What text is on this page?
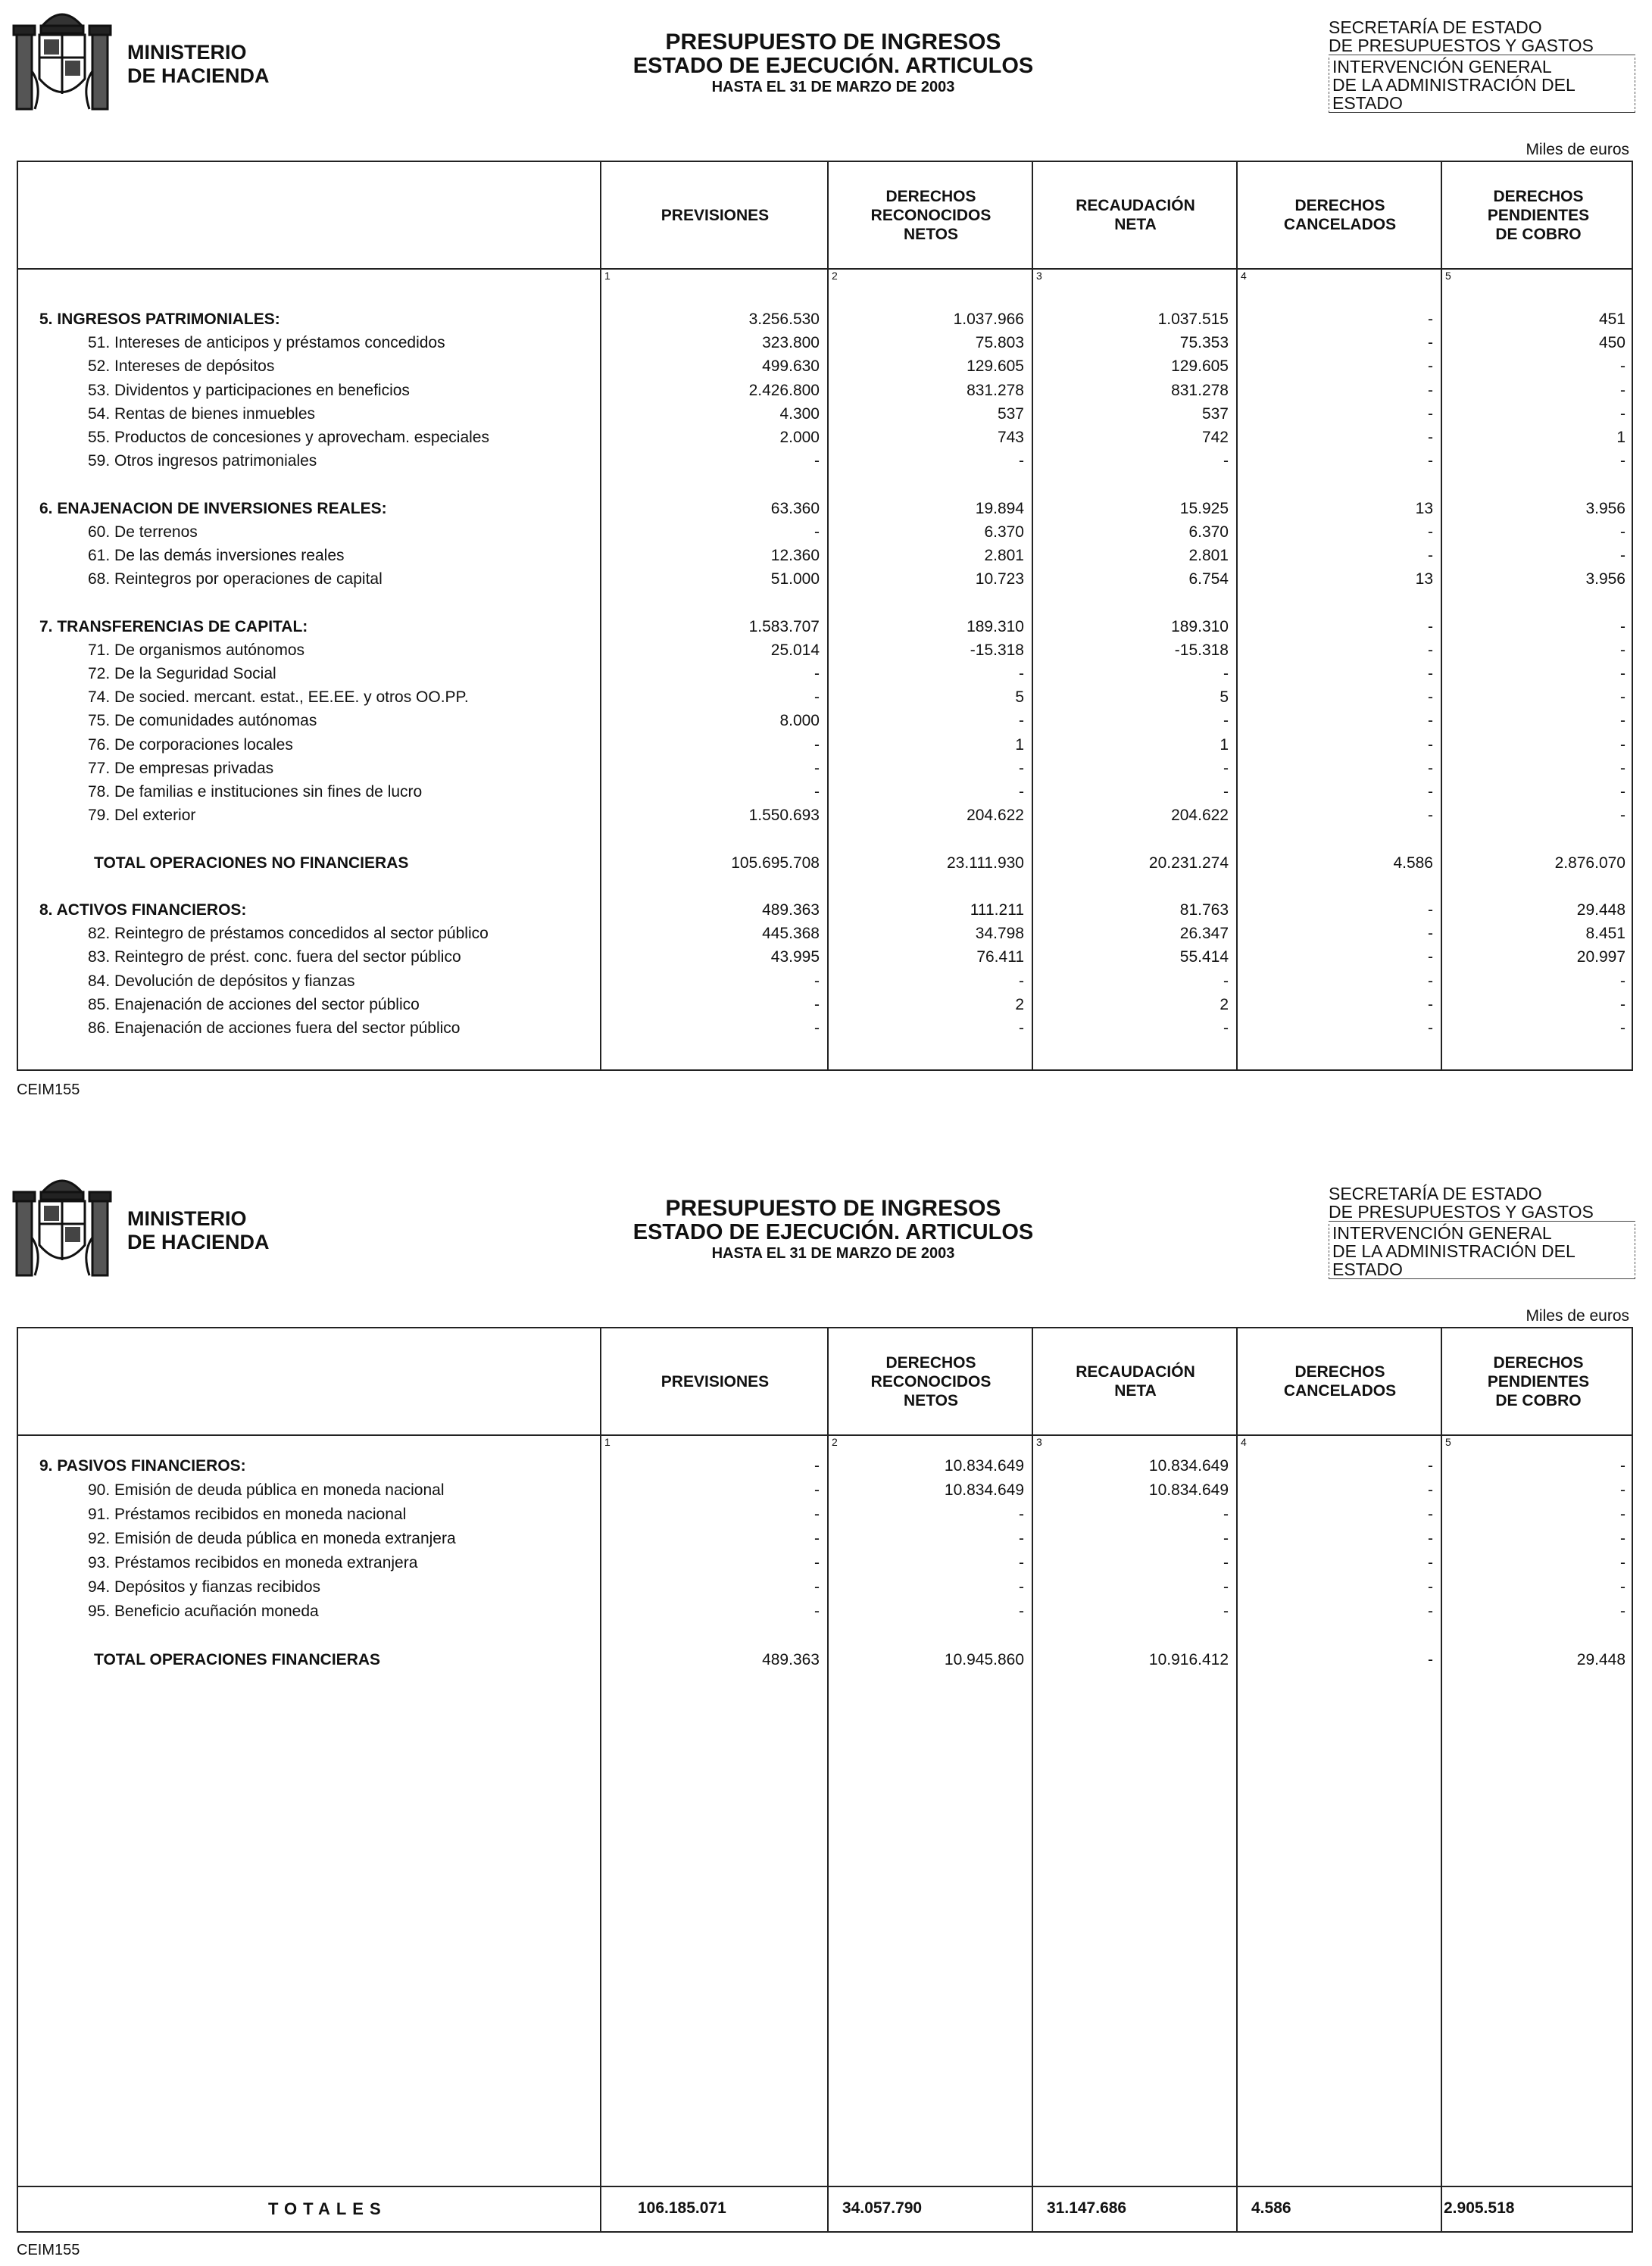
MINISTERIO
DE HACIENDA
PRESUPUESTO DE INGRESOS
ESTADO DE EJECUCIÓN. ARTICULOS
HASTA EL 31 DE MARZO DE 2003
SECRETARÍA DE ESTADO
DE PRESUPUESTOS Y GASTOS
INTERVENCIÓN GENERAL
DE LA ADMINISTRACIÓN DEL ESTADO
Miles de euros
PREVISIONES
1
DERECHOS
RECONOCIDOS
NETOS
2
RECAUDACIÓN
NETA
3
DERECHOS
CANCELADOS
4
DERECHOS
PENDIENTES
DE COBRO
5
5. INGRESOS PATRIMONIALES:	3.256.530	1.037.966	1.037.515	-	451
51. Intereses de anticipos y préstamos concedidos	323.800	75.803	75.353	-	450
52. Intereses de depósitos	499.630	129.605	129.605	-	-
53. Dividentos y participaciones en beneficios	2.426.800	831.278	831.278	-	-
54. Rentas de bienes inmuebles	4.300	537	537	-	-
55. Productos de concesiones y aprovecham. especiales	2.000	743	742	-	1
59. Otros ingresos patrimoniales	-	-	-	-	-
6. ENAJENACION DE INVERSIONES REALES:	63.360	19.894	15.925	13	3.956
60. De terrenos	-	6.370	6.370	-	-
61. De las demás inversiones reales	12.360	2.801	2.801	-	-
68. Reintegros por operaciones de capital	51.000	10.723	6.754	13	3.956
7. TRANSFERENCIAS DE CAPITAL:	1.583.707	189.310	189.310	-	-
71. De organismos autónomos	25.014	-15.318	-15.318	-	-
72. De la Seguridad Social	-	-	-	-	-
74. De socied. mercant. estat., EE.EE. y otros OO.PP.	-	5	5	-	-
75. De comunidades autónomas	8.000	-	-	-	-
76. De corporaciones locales	-	1	1	-	-
77. De empresas privadas	-	-	-	-	-
78. De familias e instituciones sin fines de lucro	-	-	-	-	-
79. Del exterior	1.550.693	204.622	204.622	-	-
TOTAL OPERACIONES NO FINANCIERAS	105.695.708	23.111.930	20.231.274	4.586	2.876.070
8. ACTIVOS FINANCIEROS:	489.363	111.211	81.763	-	29.448
82. Reintegro de préstamos concedidos al sector público	445.368	34.798	26.347	-	8.451
83. Reintegro de prést. conc. fuera del sector público	43.995	76.411	55.414	-	20.997
84. Devolución de depósitos y fianzas	-	-	-	-	-
85. Enajenación de acciones del sector público	-	2	2	-	-
86. Enajenación de acciones fuera del sector público	-	-	-	-	-
CEIM155
MINISTERIO
DE HACIENDA
PRESUPUESTO DE INGRESOS
ESTADO DE EJECUCIÓN. ARTICULOS
HASTA EL 31 DE MARZO DE 2003
SECRETARÍA DE ESTADO
DE PRESUPUESTOS Y GASTOS
INTERVENCIÓN GENERAL
DE LA ADMINISTRACIÓN DEL ESTADO
Miles de euros
PREVISIONES
1
DERECHOS
RECONOCIDOS
NETOS
2
RECAUDACIÓN
NETA
3
DERECHOS
CANCELADOS
4
DERECHOS
PENDIENTES
DE COBRO
5
9. PASIVOS FINANCIEROS:	-	10.834.649	10.834.649	-	-
90. Emisión de deuda pública en moneda nacional	-	10.834.649	10.834.649	-	-
91. Préstamos recibidos en moneda nacional	-	-	-	-	-
92. Emisión de deuda pública en moneda extranjera	-	-	-	-	-
93. Préstamos recibidos en moneda extranjera	-	-	-	-	-
94. Depósitos y fianzas recibidos	-	-	-	-	-
95. Beneficio acuñación moneda	-	-	-	-	-
TOTAL OPERACIONES FINANCIERAS	489.363	10.945.860	10.916.412	-	29.448
TOTALES	106.185.071	34.057.790	31.147.686	4.586	2.905.518
CEIM155
